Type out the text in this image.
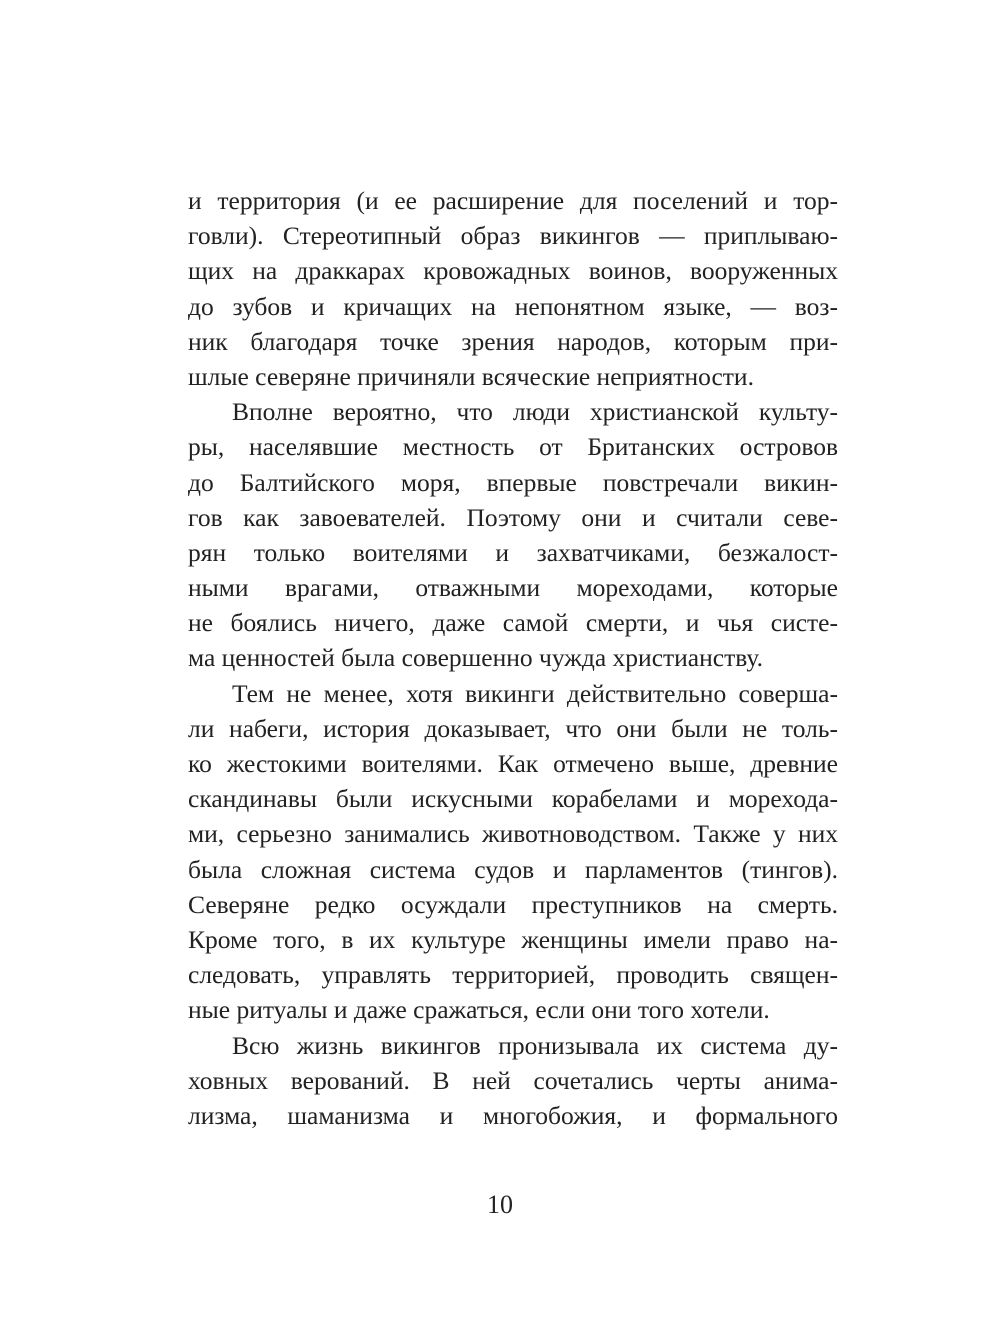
и территория (и ее расширение для поселений и тор-
говли). Стереотипный образ викингов — приплываю-
щих на драккарах кровожадных воинов, вооруженных
до зубов и кричащих на непонятном языке, — воз-
ник благодаря точке зрения народов, которым при-
шлые северяне причиняли всяческие неприятности.
Вполне вероятно, что люди христианской культу-
ры, населявшие местность от Британских островов
до Балтийского моря, впервые повстречали викин-
гов как завоевателей. Поэтому они и считали севе-
рян только воителями и захватчиками, безжалост-
ными врагами, отважными мореходами, которые
не боялись ничего, даже самой смерти, и чья систе-
ма ценностей была совершенно чужда христианству.
Тем не менее, хотя викинги действительно соверша-
ли набеги, история доказывает, что они были не толь-
ко жестокими воителями. Как отмечено выше, древние
скандинавы были искусными корабелами и мореходa-
ми, серьезно занимались животноводством. Также у них
была сложная система судов и парламентов (тингов).
Северяне редко осуждали преступников на смерть.
Кроме того, в их культуре женщины имели право на-
следовать, управлять территорией, проводить священ-
ные ритуалы и даже сражаться, если они того хотели.
Всю жизнь викингов пронизывала их система ду-
ховных верований. В ней сочетались черты анима-
лизма, шаманизма и многобожия, и формального
10
